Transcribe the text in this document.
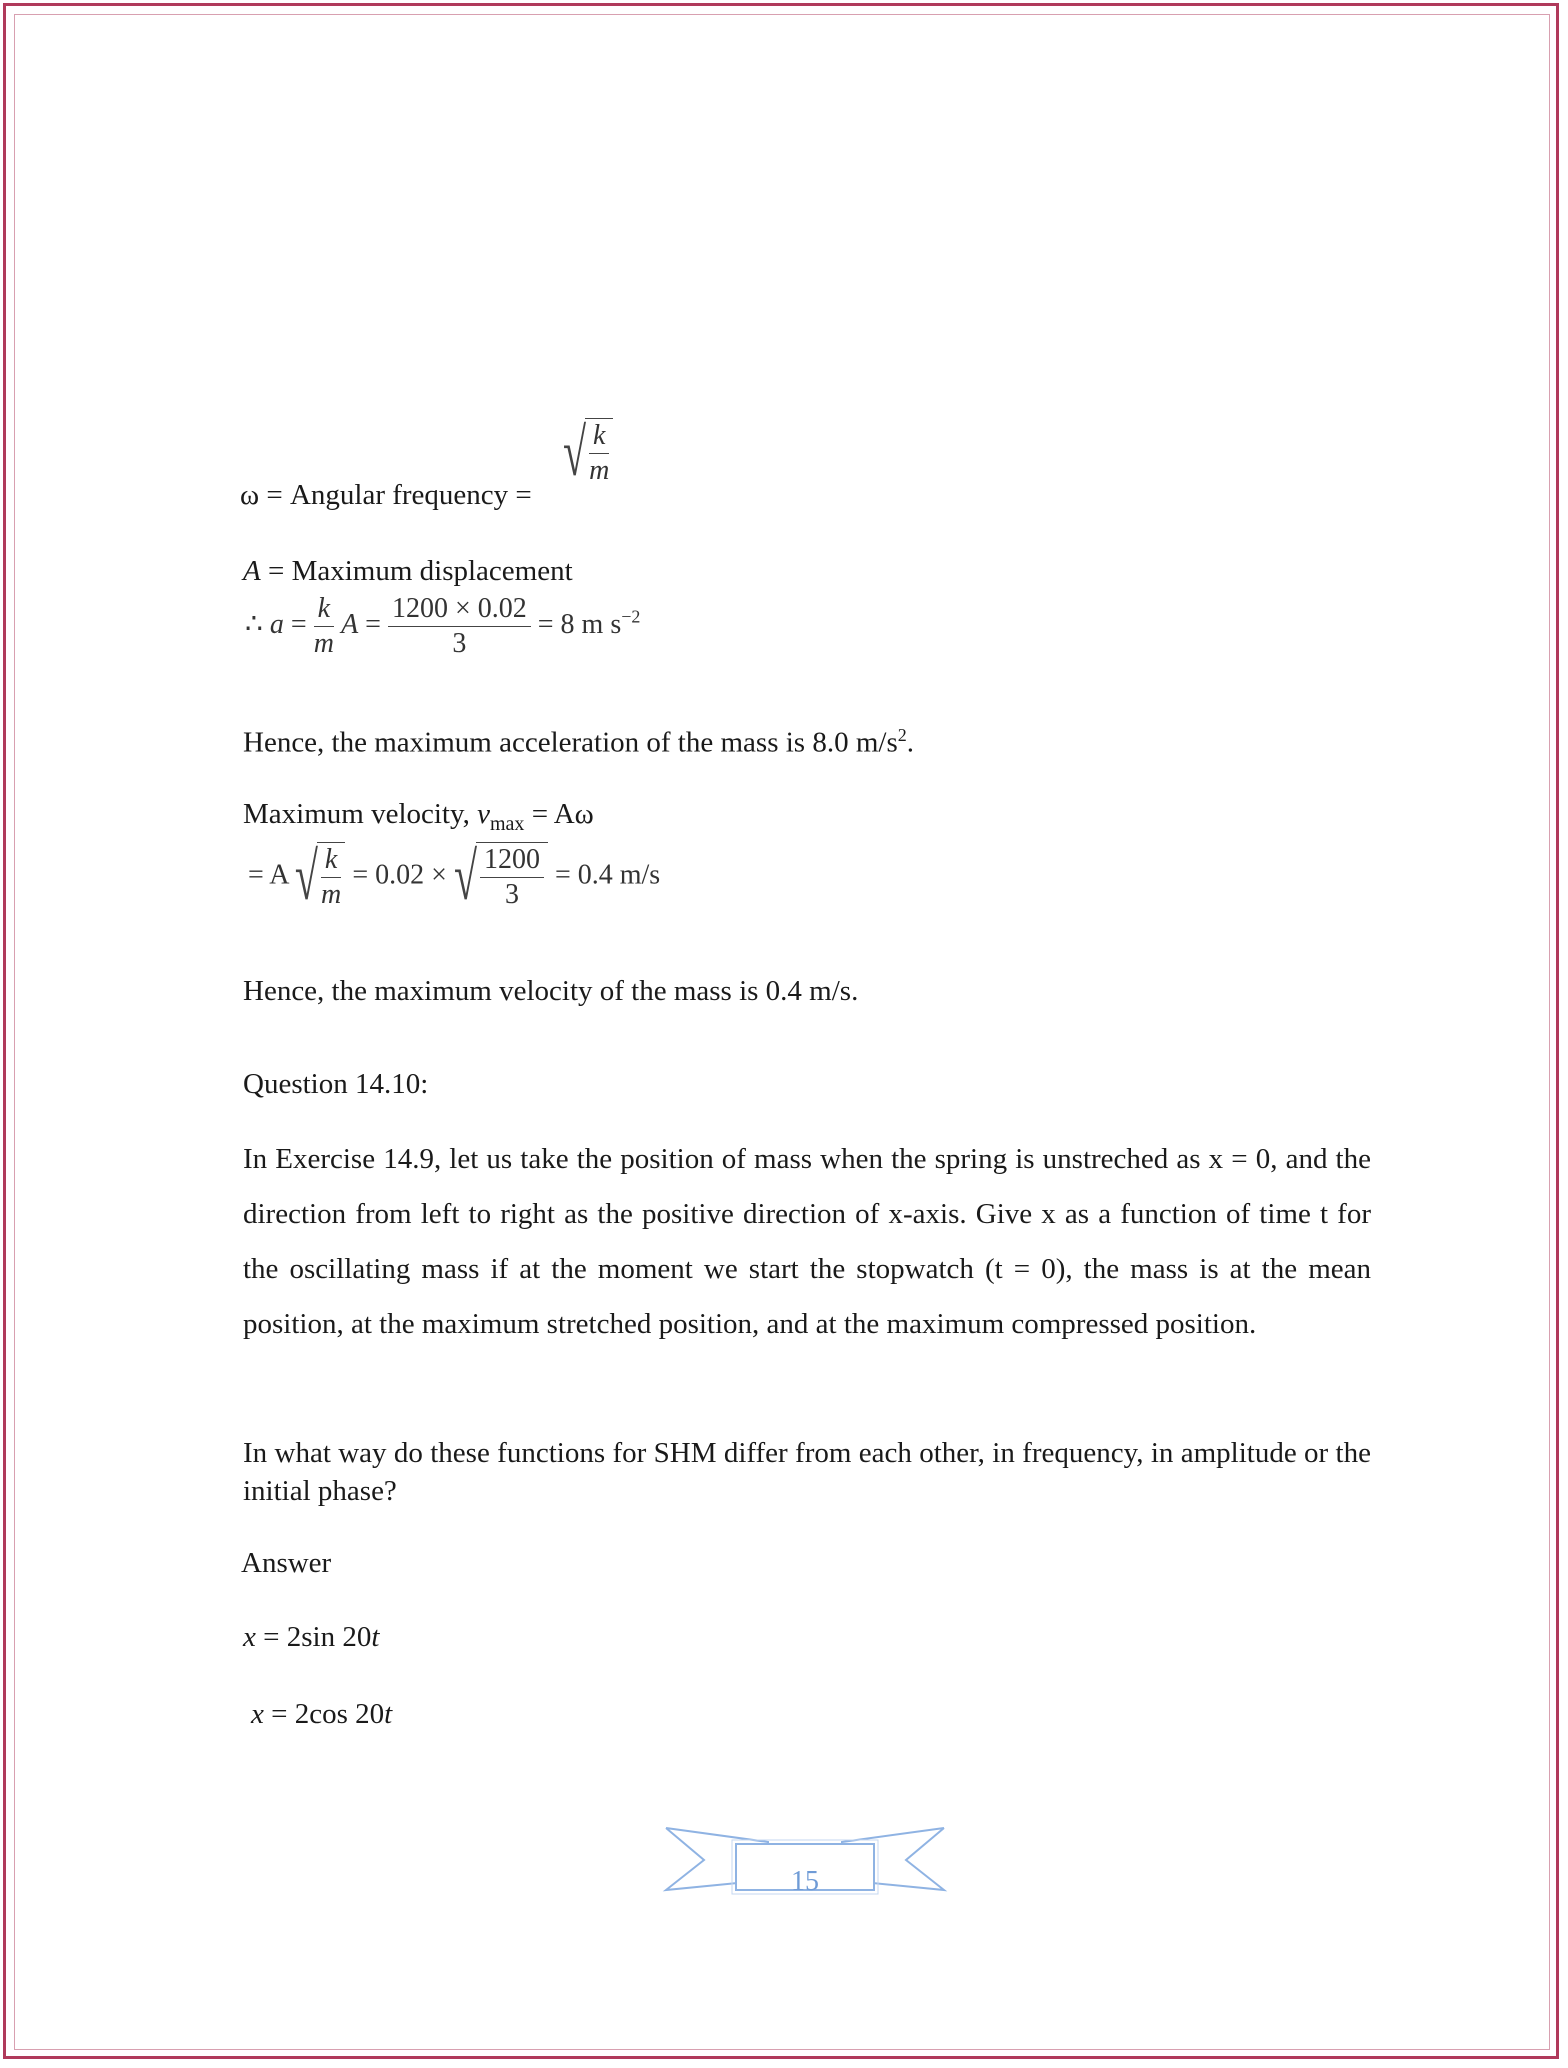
ω = Angular frequency =
√ $\frac{k}{m}$
A = Maximum displacement
∴ $a = \frac{k}{m}$ $A = \frac{1200 \times 0.02}{3} = 8$ m $s^{-2}$
Hence, the maximum acceleration of the mass is 8.0 $m/s^2$.
Maximum velocity, $v_{max} = A\omega$
= A √ $\frac{k}{m} = 0.02$ × √ $\frac{1200}{3} = 0.4$ m/s
Hence, the maximum velocity of the mass is 0.4 m/s.
Question 14.10:
In Exercise 14.9, let us take the position of mass when the spring is unstreched as x = 0, and the direction from left to right as the positive direction of x-axis. Give x as a function of time t for the oscillating mass if at the moment we start the stopwatch (t = 0), the mass is at the mean position, at the maximum stretched position, and at the maximum compressed position.
In what way do these functions for SHM differ from each other, in frequency, in amplitude or the initial phase?
Answer
x = 2sin 20t
x = 2cos 20t
15
